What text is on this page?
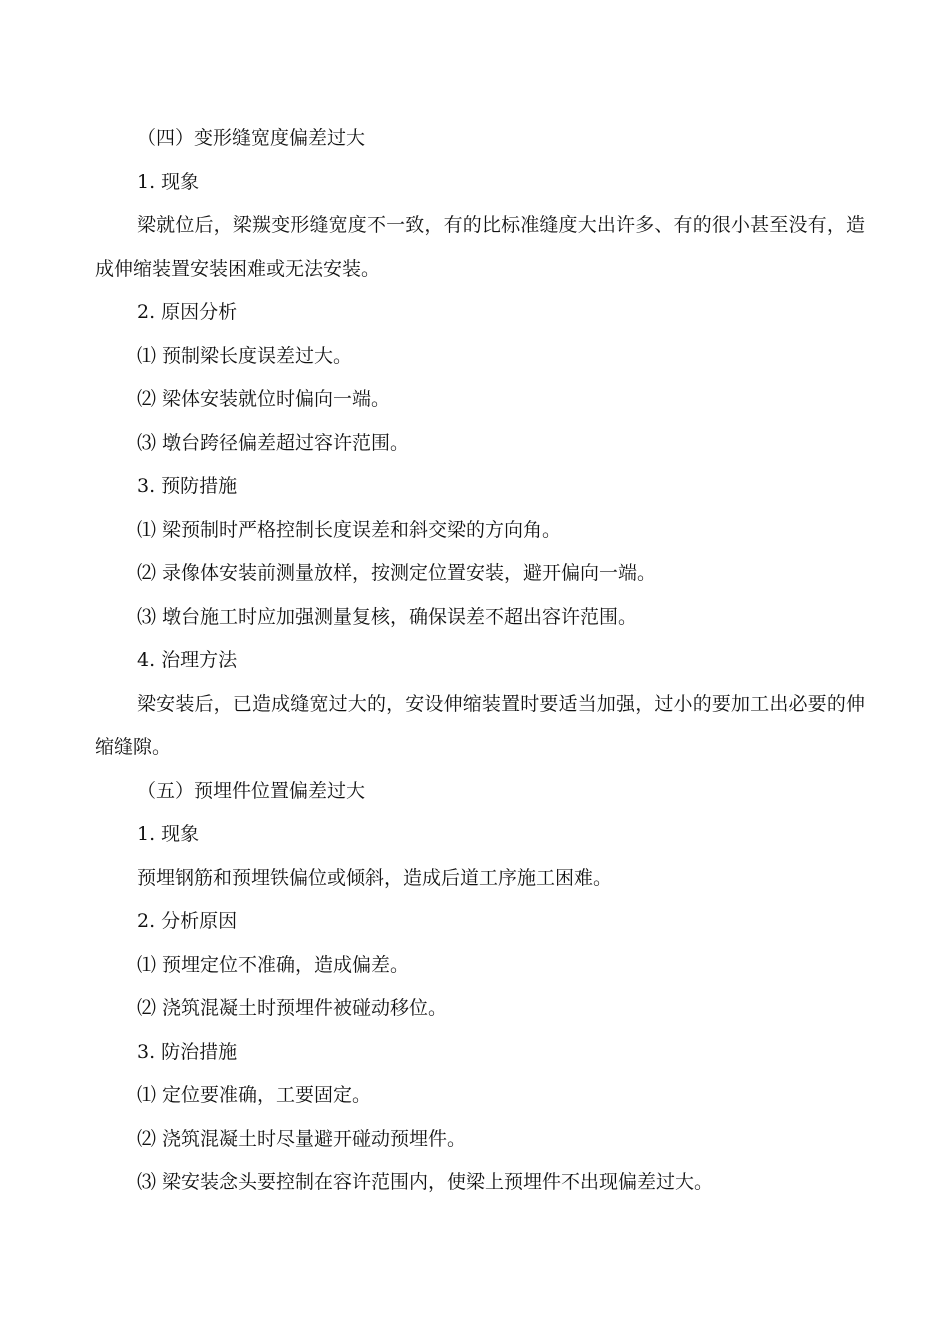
（四）变形缝宽度偏差过大

1. 现象

梁就位后，梁羰变形缝宽度不一致，有的比标准缝度大出许多、有的很小甚至没有，造成伸缩装置安装困难或无法安装。

2. 原因分析

⑴ 预制梁长度误差过大。

⑵ 梁体安装就位时偏向一端。

⑶ 墩台跨径偏差超过容许范围。

3. 预防措施

⑴ 梁预制时严格控制长度误差和斜交梁的方向角。

⑵ 录像体安装前测量放样，按测定位置安装，避开偏向一端。

⑶ 墩台施工时应加强测量复核，确保误差不超出容许范围。

4. 治理方法

梁安装后，已造成缝宽过大的，安设伸缩装置时要适当加强，过小的要加工出必要的伸缩缝隙。

（五）预埋件位置偏差过大

1. 现象

预埋钢筋和预埋铁偏位或倾斜，造成后道工序施工困难。

2. 分析原因

⑴ 预埋定位不准确，造成偏差。

⑵ 浇筑混凝土时预埋件被碰动移位。

3. 防治措施

⑴ 定位要准确，工要固定。

⑵ 浇筑混凝土时尽量避开碰动预埋件。

⑶ 梁安装念头要控制在容许范围内，使梁上预埋件不出现偏差过大。
